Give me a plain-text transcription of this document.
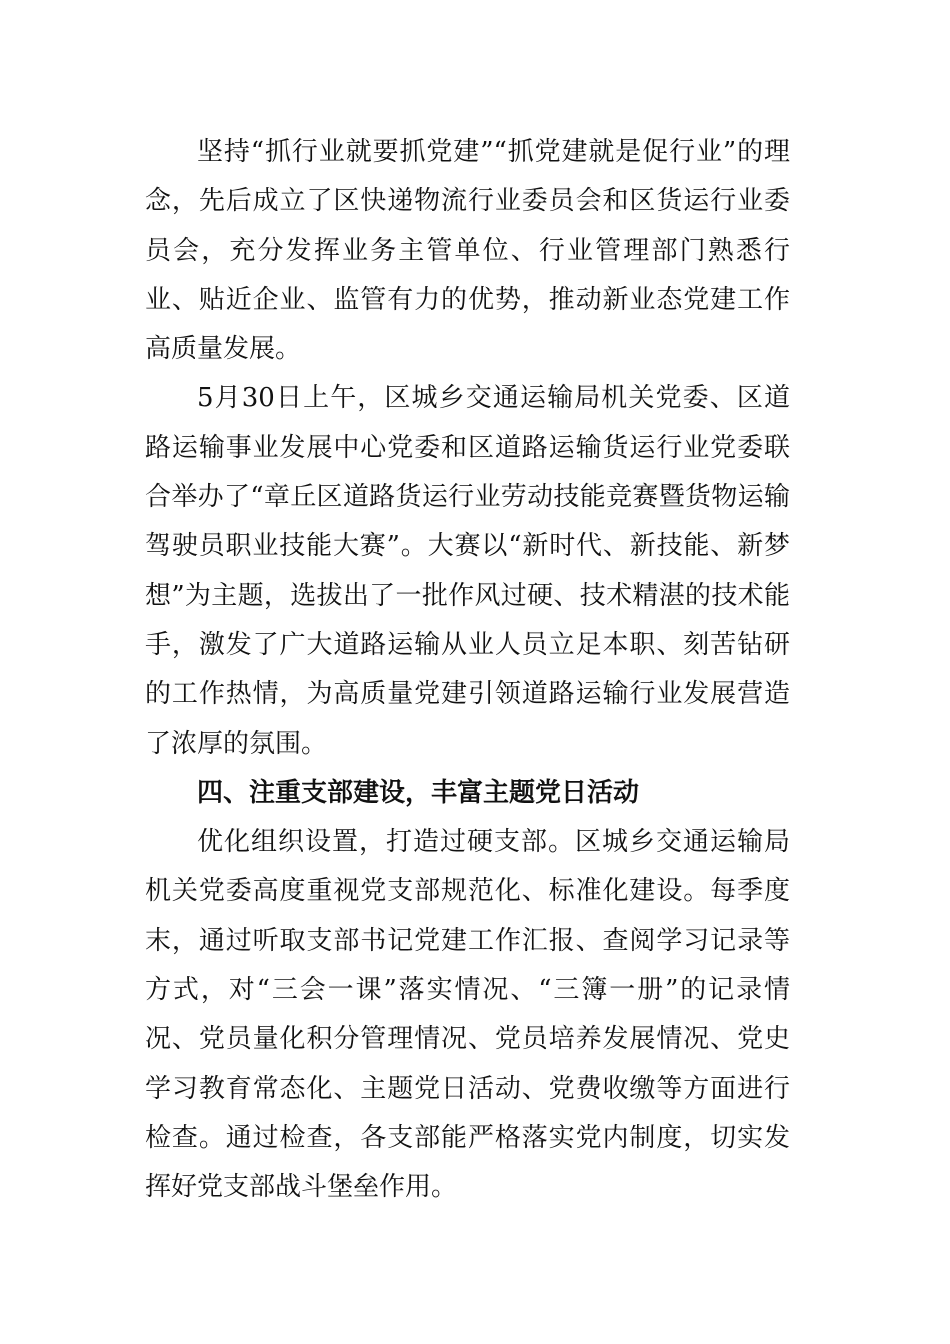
坚持“抓行业就要抓党建”“抓党建就是促行业”的理念，先后成立了区快递物流行业委员会和区货运行业委员会，充分发挥业务主管单位、行业管理部门熟悉行业、贴近企业、监管有力的优势，推动新业态党建工作高质量发展。

5月30日上午，区城乡交通运输局机关党委、区道路运输事业发展中心党委和区道路运输货运行业党委联合举办了“章丘区道路货运行业劳动技能竞赛暨货物运输驾驶员职业技能大赛”。大赛以“新时代、新技能、新梦想”为主题，选拔出了一批作风过硬、技术精湛的技术能手，激发了广大道路运输从业人员立足本职、刻苦钻研的工作热情，为高质量党建引领道路运输行业发展营造了浓厚的氛围。

四、注重支部建设，丰富主题党日活动

优化组织设置，打造过硬支部。区城乡交通运输局机关党委高度重视党支部规范化、标准化建设。每季度末，通过听取支部书记党建工作汇报、查阅学习记录等方式，对“三会一课”落实情况、“三簿一册”的记录情况、党员量化积分管理情况、党员培养发展情况、党史学习教育常态化、主题党日活动、党费收缴等方面进行检查。通过检查，各支部能严格落实党内制度，切实发挥好党支部战斗堡垒作用。
